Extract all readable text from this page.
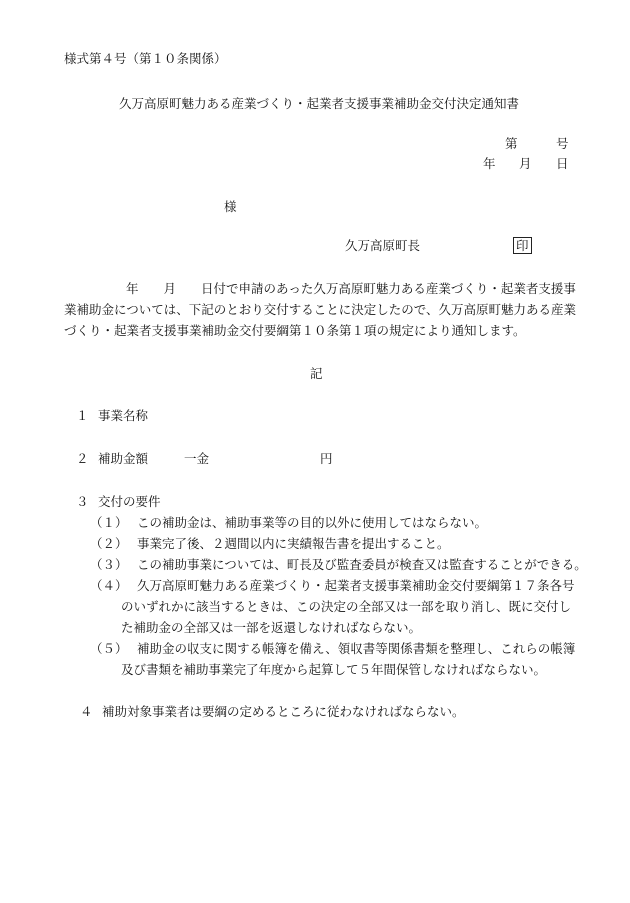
様式第４号（第１０条関係）
久万高原町魅力ある産業づくり・起業者支援事業補助金交付決定通知書
第	号
年 月 日
様
久万高原町長	印
年　　月　　日付で申請のあった久万高原町魅力ある産業づくり・起業者支援事
業補助金については、下記のとおり交付することに決定したので、久万高原町魅力ある産業
づくり・起業者支援事業補助金交付要綱第１０条第１項の規定により通知します。
記
１ 事業名称
２ 補助金額	一金	円
３ 交付の要件
（１） この補助金は、補助事業等の目的以外に使用してはならない。
（２） 事業完了後、２週間以内に実績報告書を提出すること。
（３） この補助事業については、町長及び監査委員が検査又は監査することができる。
（４） 久万高原町魅力ある産業づくり・起業者支援事業補助金交付要綱第１７条各号
のいずれかに該当するときは、この決定の全部又は一部を取り消し、既に交付し
た補助金の全部又は一部を返還しなければならない。
（５） 補助金の収支に関する帳簿を備え、領収書等関係書類を整理し、これらの帳簿
及び書類を補助事業完了年度から起算して５年間保管しなければならない。
４ 補助対象事業者は要綱の定めるところに従わなければならない。
